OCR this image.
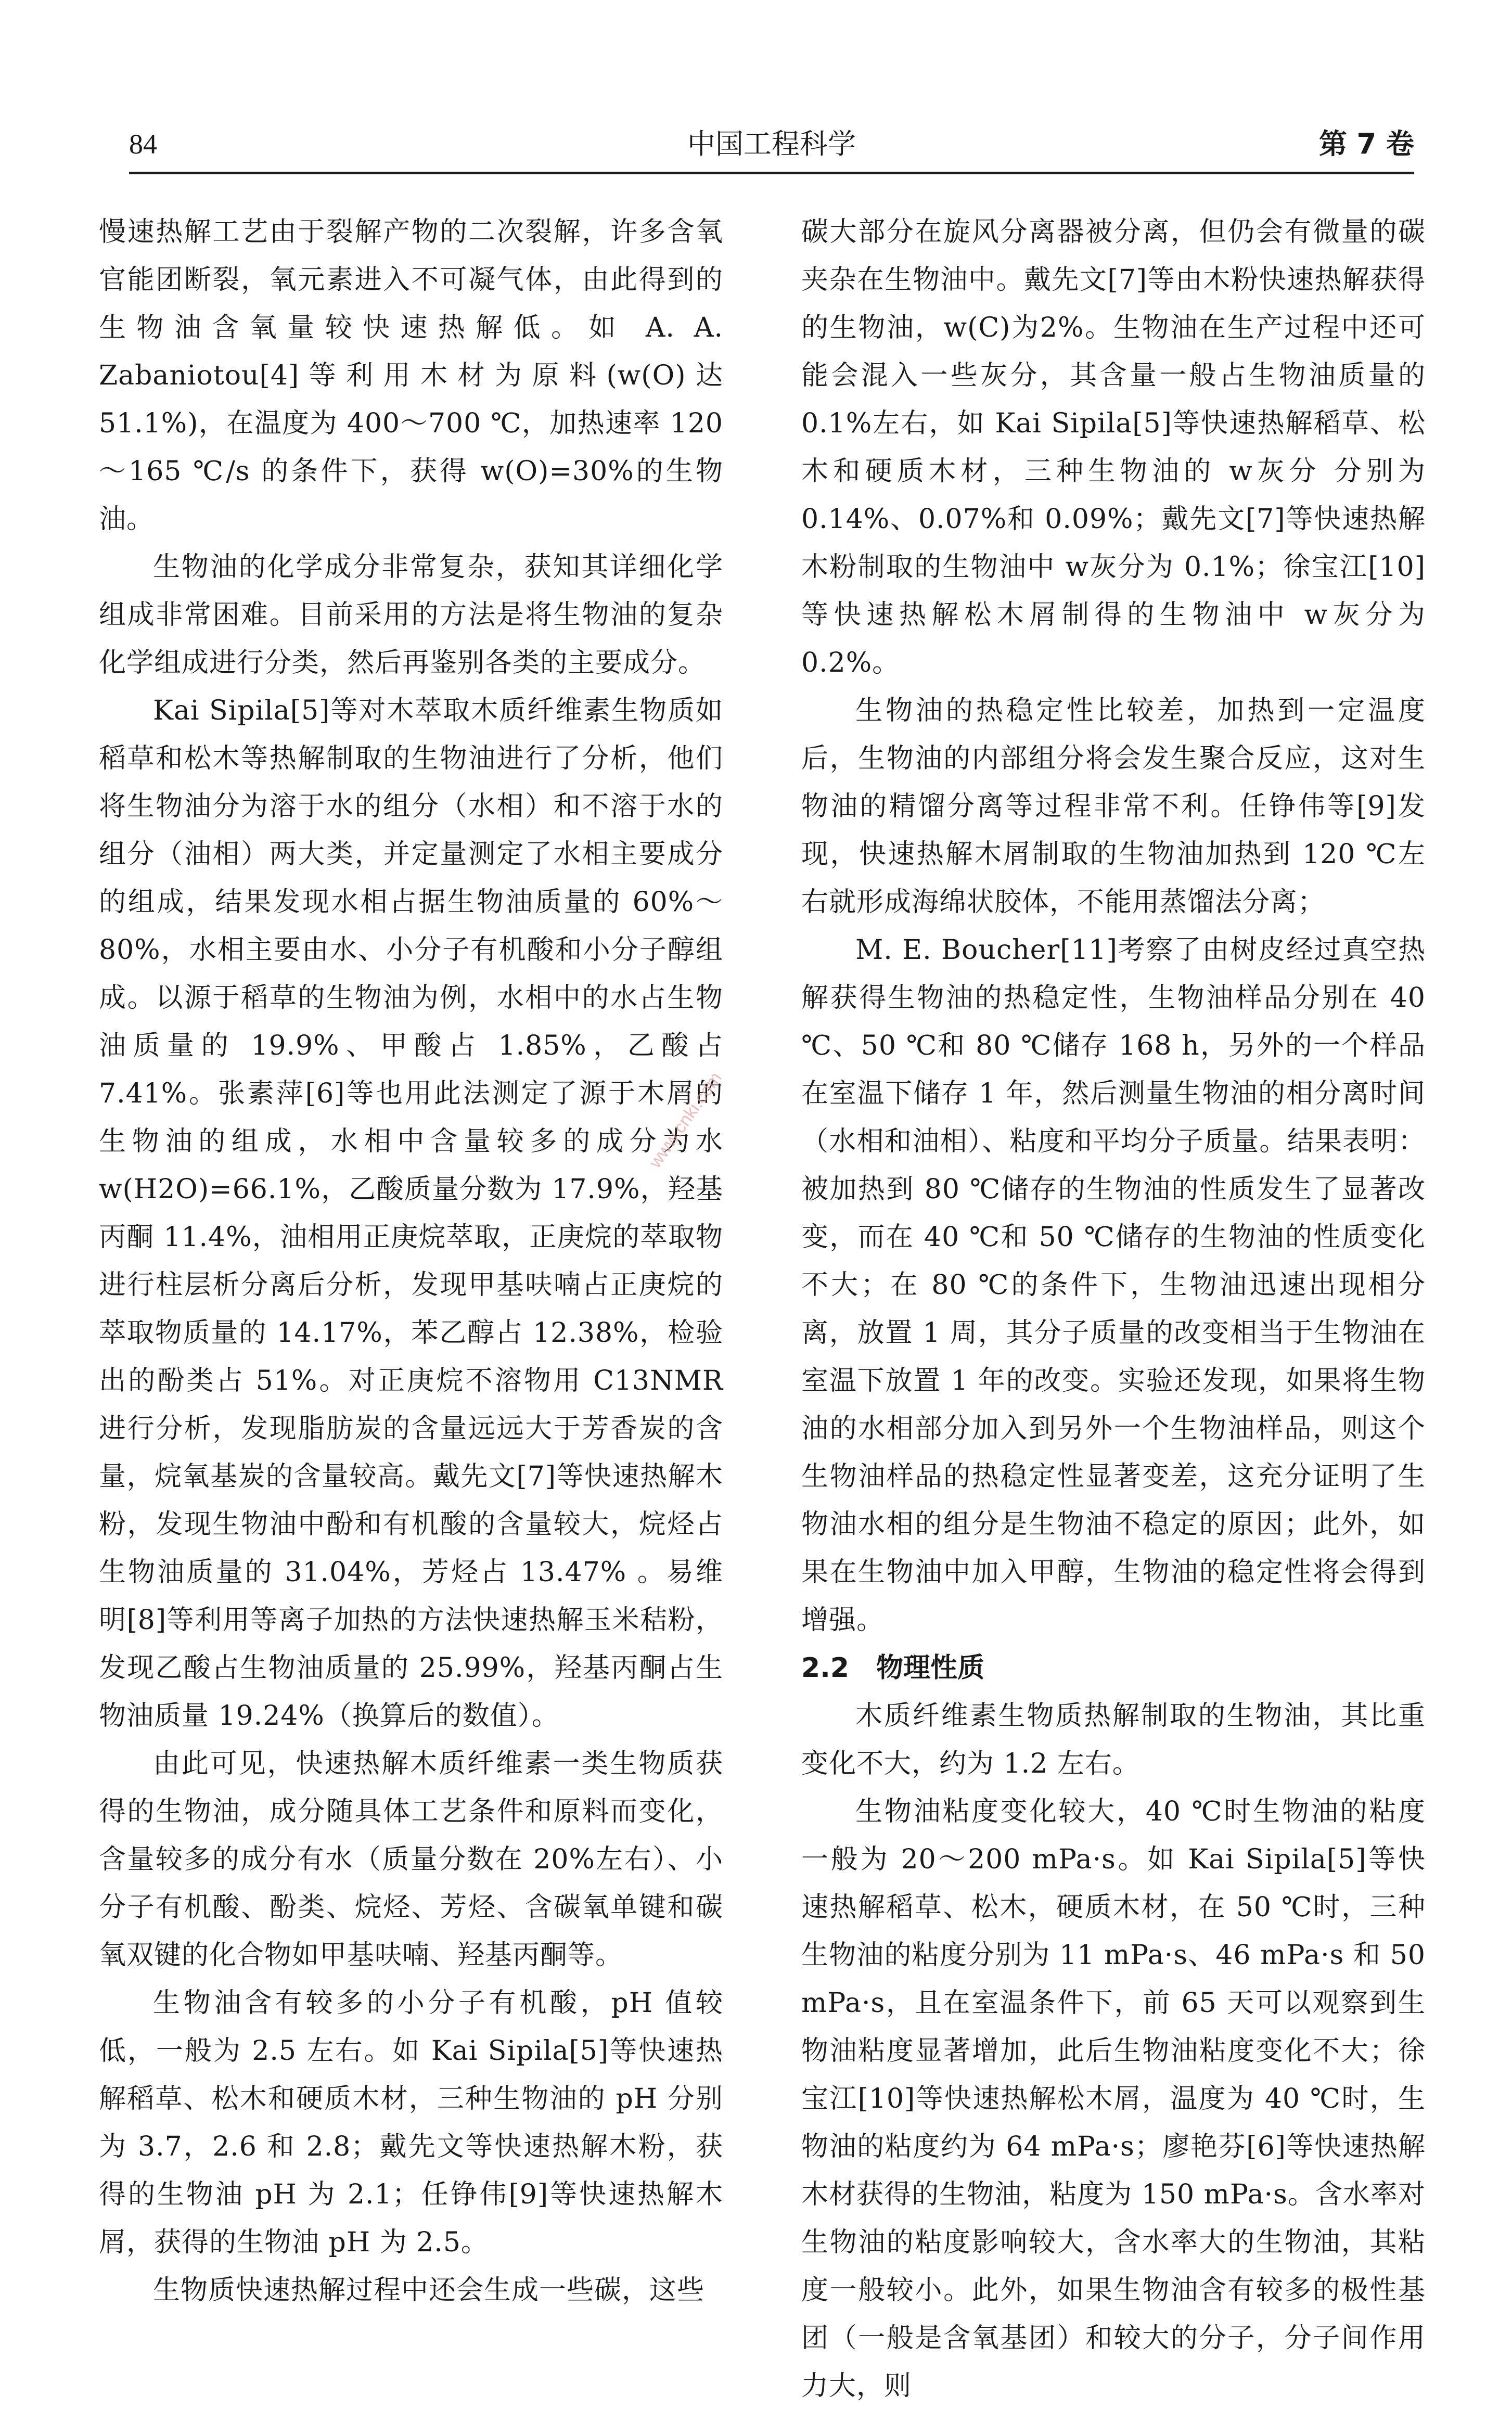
84	中国工程科学	第 7 卷

慢速热解工艺由于裂解产物的二次裂解，许多含氧官能团断裂，氧元素进入不可凝气体，由此得到的生物油含氧量较快速热解低。如 A. A. Zabaniotou[4]等利用木材为原料(w(O)达 51.1%)，在温度为 400～700 ℃，加热速率 120～165 ℃/s 的条件下，获得 w(O)=30%的生物油。

生物油的化学成分非常复杂，获知其详细化学组成非常困难。目前采用的方法是将生物油的复杂化学组成进行分类，然后再鉴别各类的主要成分。

Kai Sipila[5]等对木萃取木质纤维素生物质如稻草和松木等热解制取的生物油进行了分析，他们将生物油分为溶于水的组分（水相）和不溶于水的组分（油相）两大类，并定量测定了水相主要成分的组成，结果发现水相占据生物油质量的 60%～80%，水相主要由水、小分子有机酸和小分子醇组成。以源于稻草的生物油为例，水相中的水占生物油质量的 19.9%、甲酸占 1.85%，乙酸占 7.41%。张素萍[6]等也用此法测定了源于木屑的生物油的组成，水相中含量较多的成分为水 w(H2O)=66.1%，乙酸质量分数为 17.9%，羟基丙酮 11.4%，油相用正庚烷萃取，正庚烷的萃取物进行柱层析分离后分析，发现甲基呋喃占正庚烷的萃取物质量的 14.17%，苯乙醇占 12.38%，检验出的酚类占 51%。对正庚烷不溶物用 C13NMR 进行分析，发现脂肪炭的含量远远大于芳香炭的含量，烷氧基炭的含量较高。戴先文[7]等快速热解木粉，发现生物油中酚和有机酸的含量较大，烷烃占生物油质量的 31.04%，芳烃占 13.47% 。易维明[8]等利用等离子加热的方法快速热解玉米秸粉，发现乙酸占生物油质量的 25.99%，羟基丙酮占生物油质量 19.24%（换算后的数值）。

由此可见，快速热解木质纤维素一类生物质获得的生物油，成分随具体工艺条件和原料而变化，含量较多的成分有水（质量分数在 20%左右）、小分子有机酸、酚类、烷烃、芳烃、含碳氧单键和碳氧双键的化合物如甲基呋喃、羟基丙酮等。

生物油含有较多的小分子有机酸，pH 值较低，一般为 2.5 左右。如 Kai Sipila[5]等快速热解稻草、松木和硬质木材，三种生物油的 pH 分别为 3.7，2.6 和 2.8；戴先文等快速热解木粉，获得的生物油 pH 为 2.1；任铮伟[9]等快速热解木屑，获得的生物油 pH 为 2.5。

生物质快速热解过程中还会生成一些碳，这些

碳大部分在旋风分离器被分离，但仍会有微量的碳夹杂在生物油中。戴先文[7]等由木粉快速热解获得的生物油，w(C)为2%。生物油在生产过程中还可能会混入一些灰分，其含量一般占生物油质量的 0.1%左右，如 Kai Sipila[5]等快速热解稻草、松木和硬质木材，三种生物油的 w灰分 分别为 0.14%、0.07%和 0.09%；戴先文[7]等快速热解木粉制取的生物油中 w灰分为 0.1%；徐宝江[10]等快速热解松木屑制得的生物油中 w灰分为 0.2%。

生物油的热稳定性比较差，加热到一定温度后，生物油的内部组分将会发生聚合反应，这对生物油的精馏分离等过程非常不利。任铮伟等[9]发现，快速热解木屑制取的生物油加热到 120 ℃左右就形成海绵状胶体，不能用蒸馏法分离；

M. E. Boucher[11]考察了由树皮经过真空热解获得生物油的热稳定性，生物油样品分别在 40 ℃、50 ℃和 80 ℃储存 168 h，另外的一个样品在室温下储存 1 年，然后测量生物油的相分离时间（水相和油相）、粘度和平均分子质量。结果表明：被加热到 80 ℃储存的生物油的性质发生了显著改变，而在 40 ℃和 50 ℃储存的生物油的性质变化不大；在 80 ℃的条件下，生物油迅速出现相分离，放置 1 周，其分子质量的改变相当于生物油在室温下放置 1 年的改变。实验还发现，如果将生物油的水相部分加入到另外一个生物油样品，则这个生物油样品的热稳定性显著变差，这充分证明了生物油水相的组分是生物油不稳定的原因；此外，如果在生物油中加入甲醇，生物油的稳定性将会得到增强。

2.2　物理性质

木质纤维素生物质热解制取的生物油，其比重变化不大，约为 1.2 左右。

生物油粘度变化较大，40 ℃时生物油的粘度一般为 20～200 mPa·s。如 Kai Sipila[5]等快速热解稻草、松木，硬质木材，在 50 ℃时，三种生物油的粘度分别为 11 mPa·s、46 mPa·s 和 50 mPa·s，且在室温条件下，前 65 天可以观察到生物油粘度显著增加，此后生物油粘度变化不大；徐宝江[10]等快速热解松木屑，温度为 40 ℃时，生物油的粘度约为 64 mPa·s；廖艳芬[6]等快速热解木材获得的生物油，粘度为 150 mPa·s。含水率对生物油的粘度影响较大，含水率大的生物油，其粘度一般较小。此外，如果生物油含有较多的极性基团（一般是含氧基团）和较大的分子，分子间作用力大，则

www.cnki.com
